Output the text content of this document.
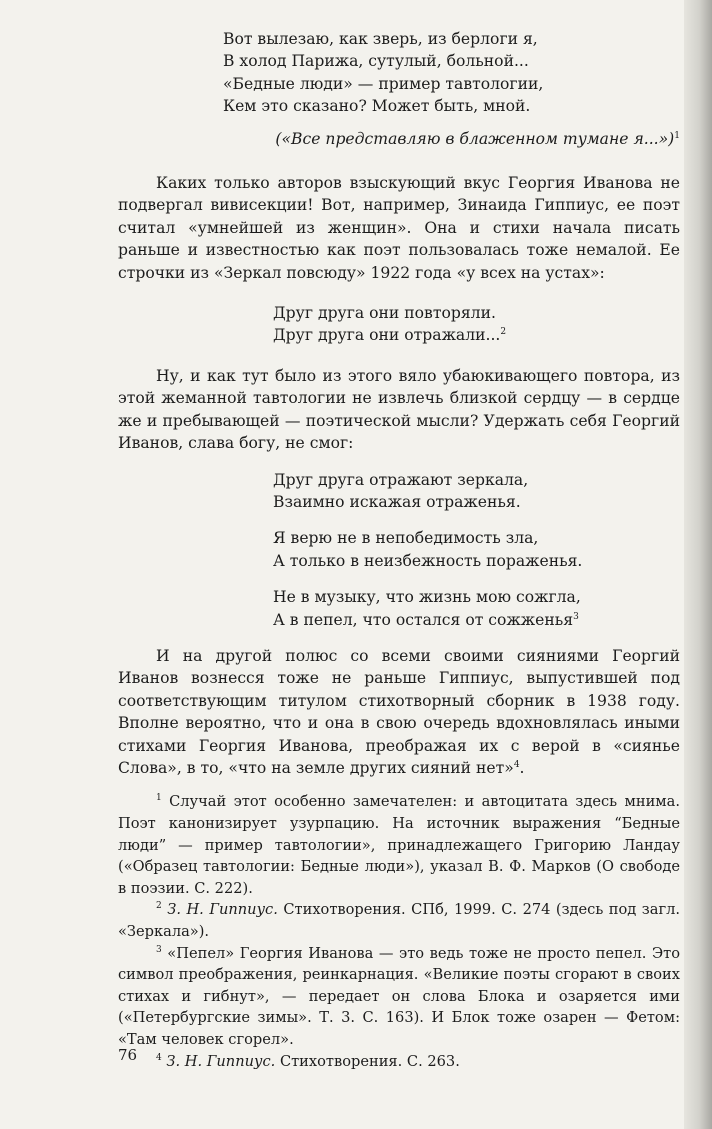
Вот вылезаю, как зверь, из берлоги я,
В холод Парижа, сутулый, больной...
«Бедные люди» — пример тавтологии,
Кем это сказано? Может быть, мной.
(«Все представляю в блаженном тумане я...»)$^1$

Каких только авторов взыскующий вкус Георгия Иванова не подвергал вивисекции! Вот, например, Зинаида Гиппиус, ее поэт считал «умнейшей из женщин». Она и стихи начала писать раньше и известностью как поэт пользовалась тоже немалой. Ее строчки из «Зеркал повсюду» 1922 года «у всех на устах»:

Друг друга они повторяли.
Друг друга они отражали...$^2$

Ну, и как тут было из этого вяло убаюкивающего повтора, из этой жеманной тавтологии не извлечь близкой сердцу — в сердце же и пребывающей — поэтической мысли? Удержать себя Георгий Иванов, слава богу, не смог:

Друг друга отражают зеркала,
Взаимно искажая отраженья.
Я верю не в непобедимость зла,
А только в неизбежность пораженья.
Не в музыку, что жизнь мою сожгла,
А в пепел, что остался от сожженья$^3$

И на другой полюс со всеми своими сияниями Георгий Иванов вознесся тоже не раньше Гиппиус, выпустившей под соответствующим титулом стихотворный сборник в 1938 году. Вполне вероятно, что и она в свою очередь вдохновлялась иными стихами Георгия Иванова, преображая их с верой в «сиянье Слова», в то, «что на земле других сияний нет»$^4$.

$^1$ Случай этот особенно замечателен: и автоцитата здесь мнима. Поэт канонизирует узурпацию. На источник выражения “Бедные люди” — пример тавтологии», принадлежащего Григорию Ландау («Образец тавтологии: Бедные люди»), указал В. Ф. Марков (О свободе в поэзии. С. 222).

$^2$ З. Н. Гиппиус. Стихотворения. СПб, 1999. С. 274 (здесь под загл. «Зеркала»).

$^3$ «Пепел» Георгия Иванова — это ведь тоже не просто пепел. Это символ преображения, реинкарнация. «Великие поэты сгорают в своих стихах и гибнут», — передает он слова Блока и озаряется ими («Петербургские зимы». Т. 3. С. 163). И Блок тоже озарен — Фетом: «Там человек сгорел».

$^4$ З. Н. Гиппиус. Стихотворения. С. 263.

76
